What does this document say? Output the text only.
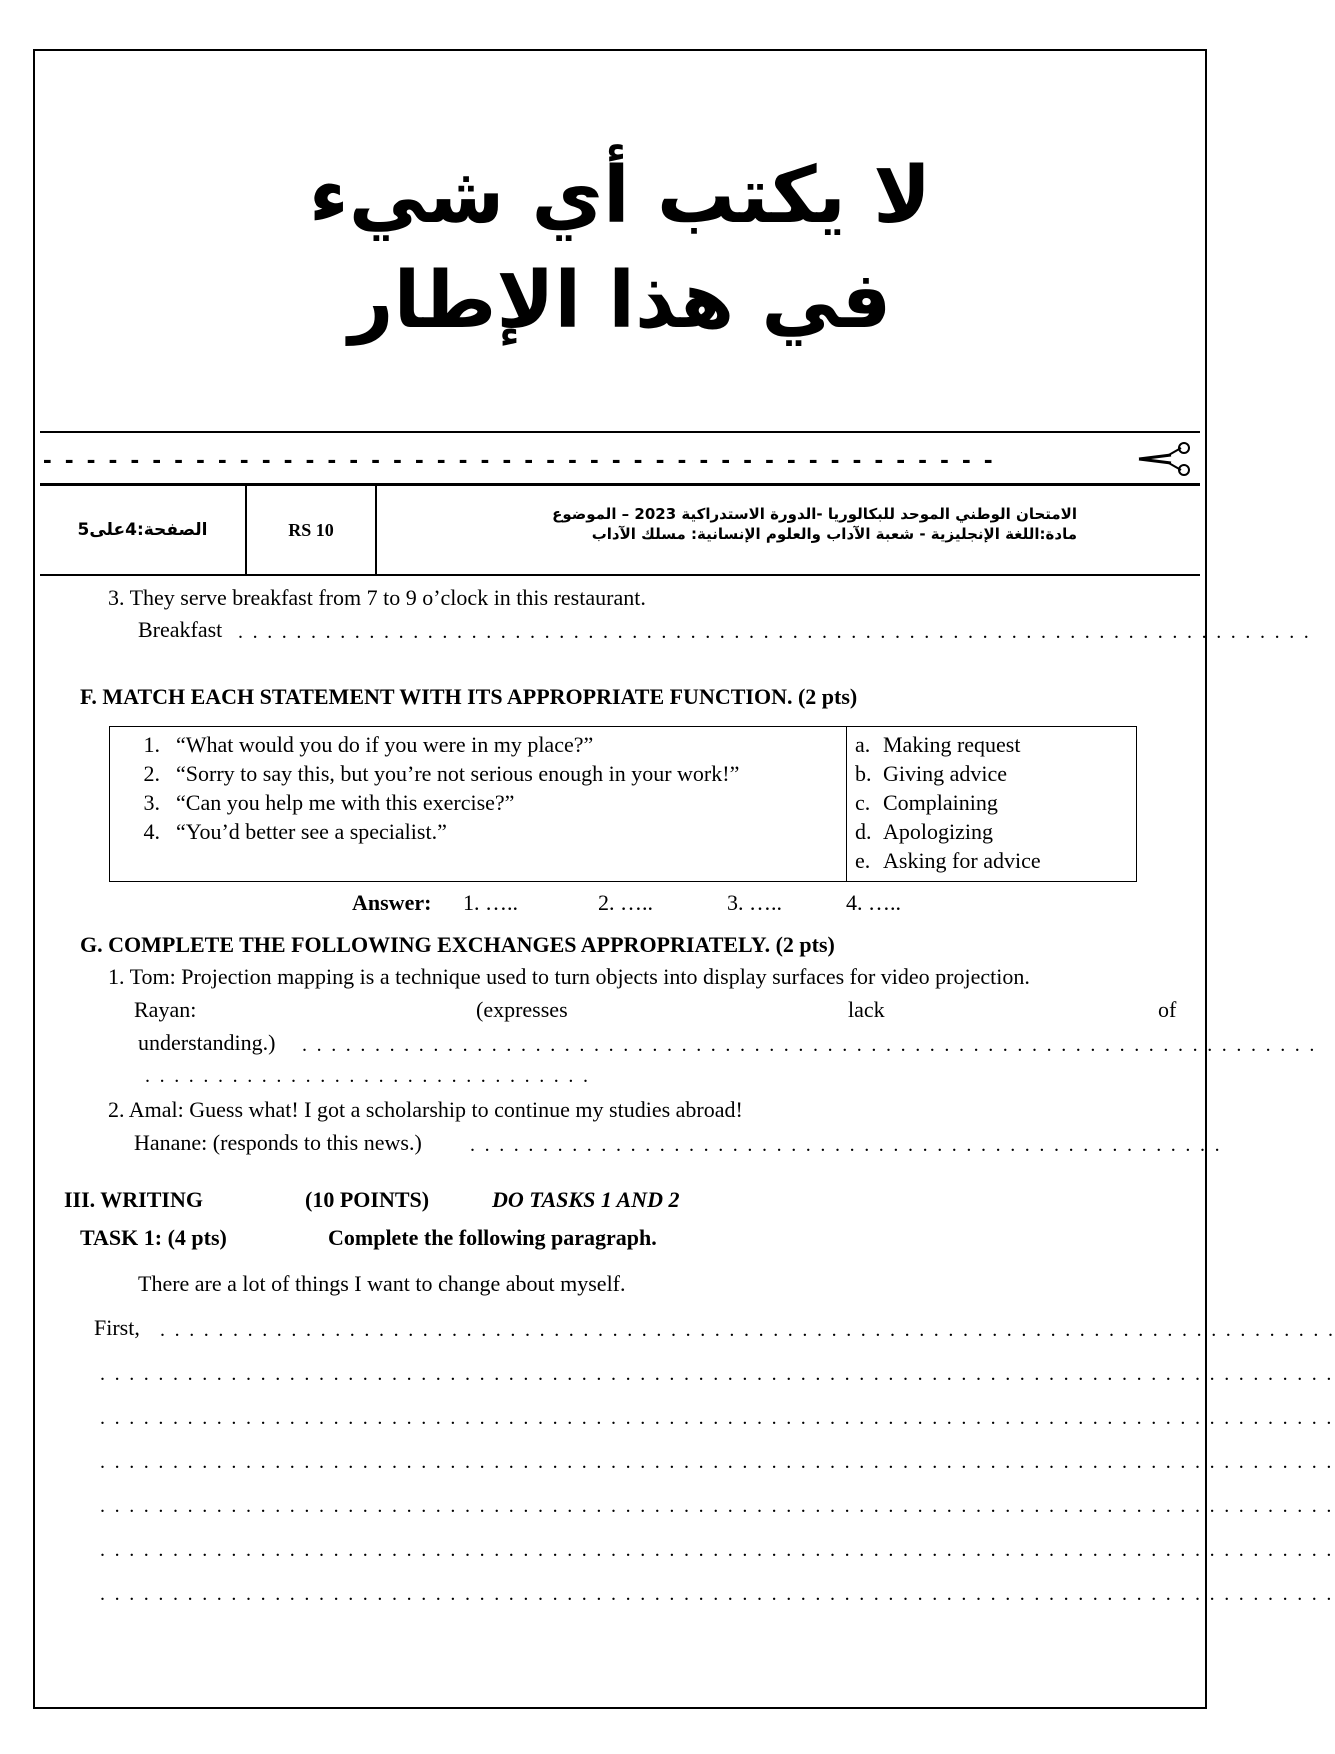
لا يكتب أي شيء
في هذا الإطار
- - - - - - - - - - - - - - - - - - - - - - - - - - - - - - - - - - - - - - - - - - - -
الصفحة:4على5	RS 10
الامتحان الوطني الموحد للبكالوريا -الدورة الاستدراكية 2023 – الموضوع
مادة:اللغة الإنجليزية - شعبة الآداب والعلوم الإنسانية: مسلك الآداب
3. They serve breakfast from 7 to 9 o’clock in this restaurant.
Breakfast . . . . . . . . . . . . . . . . . . . . . . . . . . . . . . . . . . . . . . . . . . . . . . . . . . . . . . . . . . . . . . . . . . . . . . . . . .
F. MATCH EACH STATEMENT WITH ITS APPROPRIATE FUNCTION. (2 pts)
1. “What would you do if you were in my place?”
2. “Sorry to say this, but you’re not serious enough in your work!”
3. “Can you help me with this exercise?”
4. “You’d better see a specialist.”

a. Making request
b. Giving advice
c. Complaining
d. Apologizing
e. Asking for advice
Answer: 1. …..	2. …..	3. …..	4. …..
G. COMPLETE THE FOLLOWING EXCHANGES APPROPRIATELY. (2 pts)
1. Tom: Projection mapping is a technique used to turn objects into display surfaces for video projection.
Rayan:	(expresses	lack	of
understanding.) . . . . . . . . . . . . . . . . . . . . . . . . . . . . . . . . . . . . . . . . . . . . . . . . . . . . . . . . . . . . . . . . . . . . . .
. . . . . . . . . . . . . . . . . . . . . . . . . . . . . . .
2. Amal: Guess what! I got a scholarship to continue my studies abroad!
Hanane: (responds to this news.) . . . . . . . . . . . . . . . . . . . . . . . . . . . . . . . . . . . . . . . . . . . . . . . . . . . .
III. WRITING	(10 POINTS)	DO TASKS 1 AND 2
TASK 1: (4 pts)	Complete the following paragraph.
There are a lot of things I want to change about myself.
First, . . . . . . . . . . . . . . . . . . . . . . . . . . . . . . . . . . . . . . . . . . . . . . . . . . . . . . . . . . . . . . . . . . . . . . . . . . . . . . . . .
. . . . . . . . . . . . . . . . . . . . . . . . . . . . . . . . . . . . . . . . . . . . . . . . . . . . . . . . . . . . . . . . . . . . . . . . . . . . . . . . . . . . .
. . . . . . . . . . . . . . . . . . . . . . . . . . . . . . . . . . . . . . . . . . . . . . . . . . . . . . . . . . . . . . . . . . . . . . . . . . . . . . . . . . . . .
. . . . . . . . . . . . . . . . . . . . . . . . . . . . . . . . . . . . . . . . . . . . . . . . . . . . . . . . . . . . . . . . . . . . . . . . . . . . . . . . . . . . .
. . . . . . . . . . . . . . . . . . . . . . . . . . . . . . . . . . . . . . . . . . . . . . . . . . . . . . . . . . . . . . . . . . . . . . . . . . . . . . . . . . . . .
. . . . . . . . . . . . . . . . . . . . . . . . . . . . . . . . . . . . . . . . . . . . . . . . . . . . . . . . . . . . . . . . . . . . . . . . . . . . . . . . . . . . .
. . . . . . . . . . . . . . . . . . . . . . . . . . . . . . . . . . . . . . . . . . . . . . . . . . . . . . . . . . . . . . . . . . . . . . . . . . . . . . . . . . . . .
